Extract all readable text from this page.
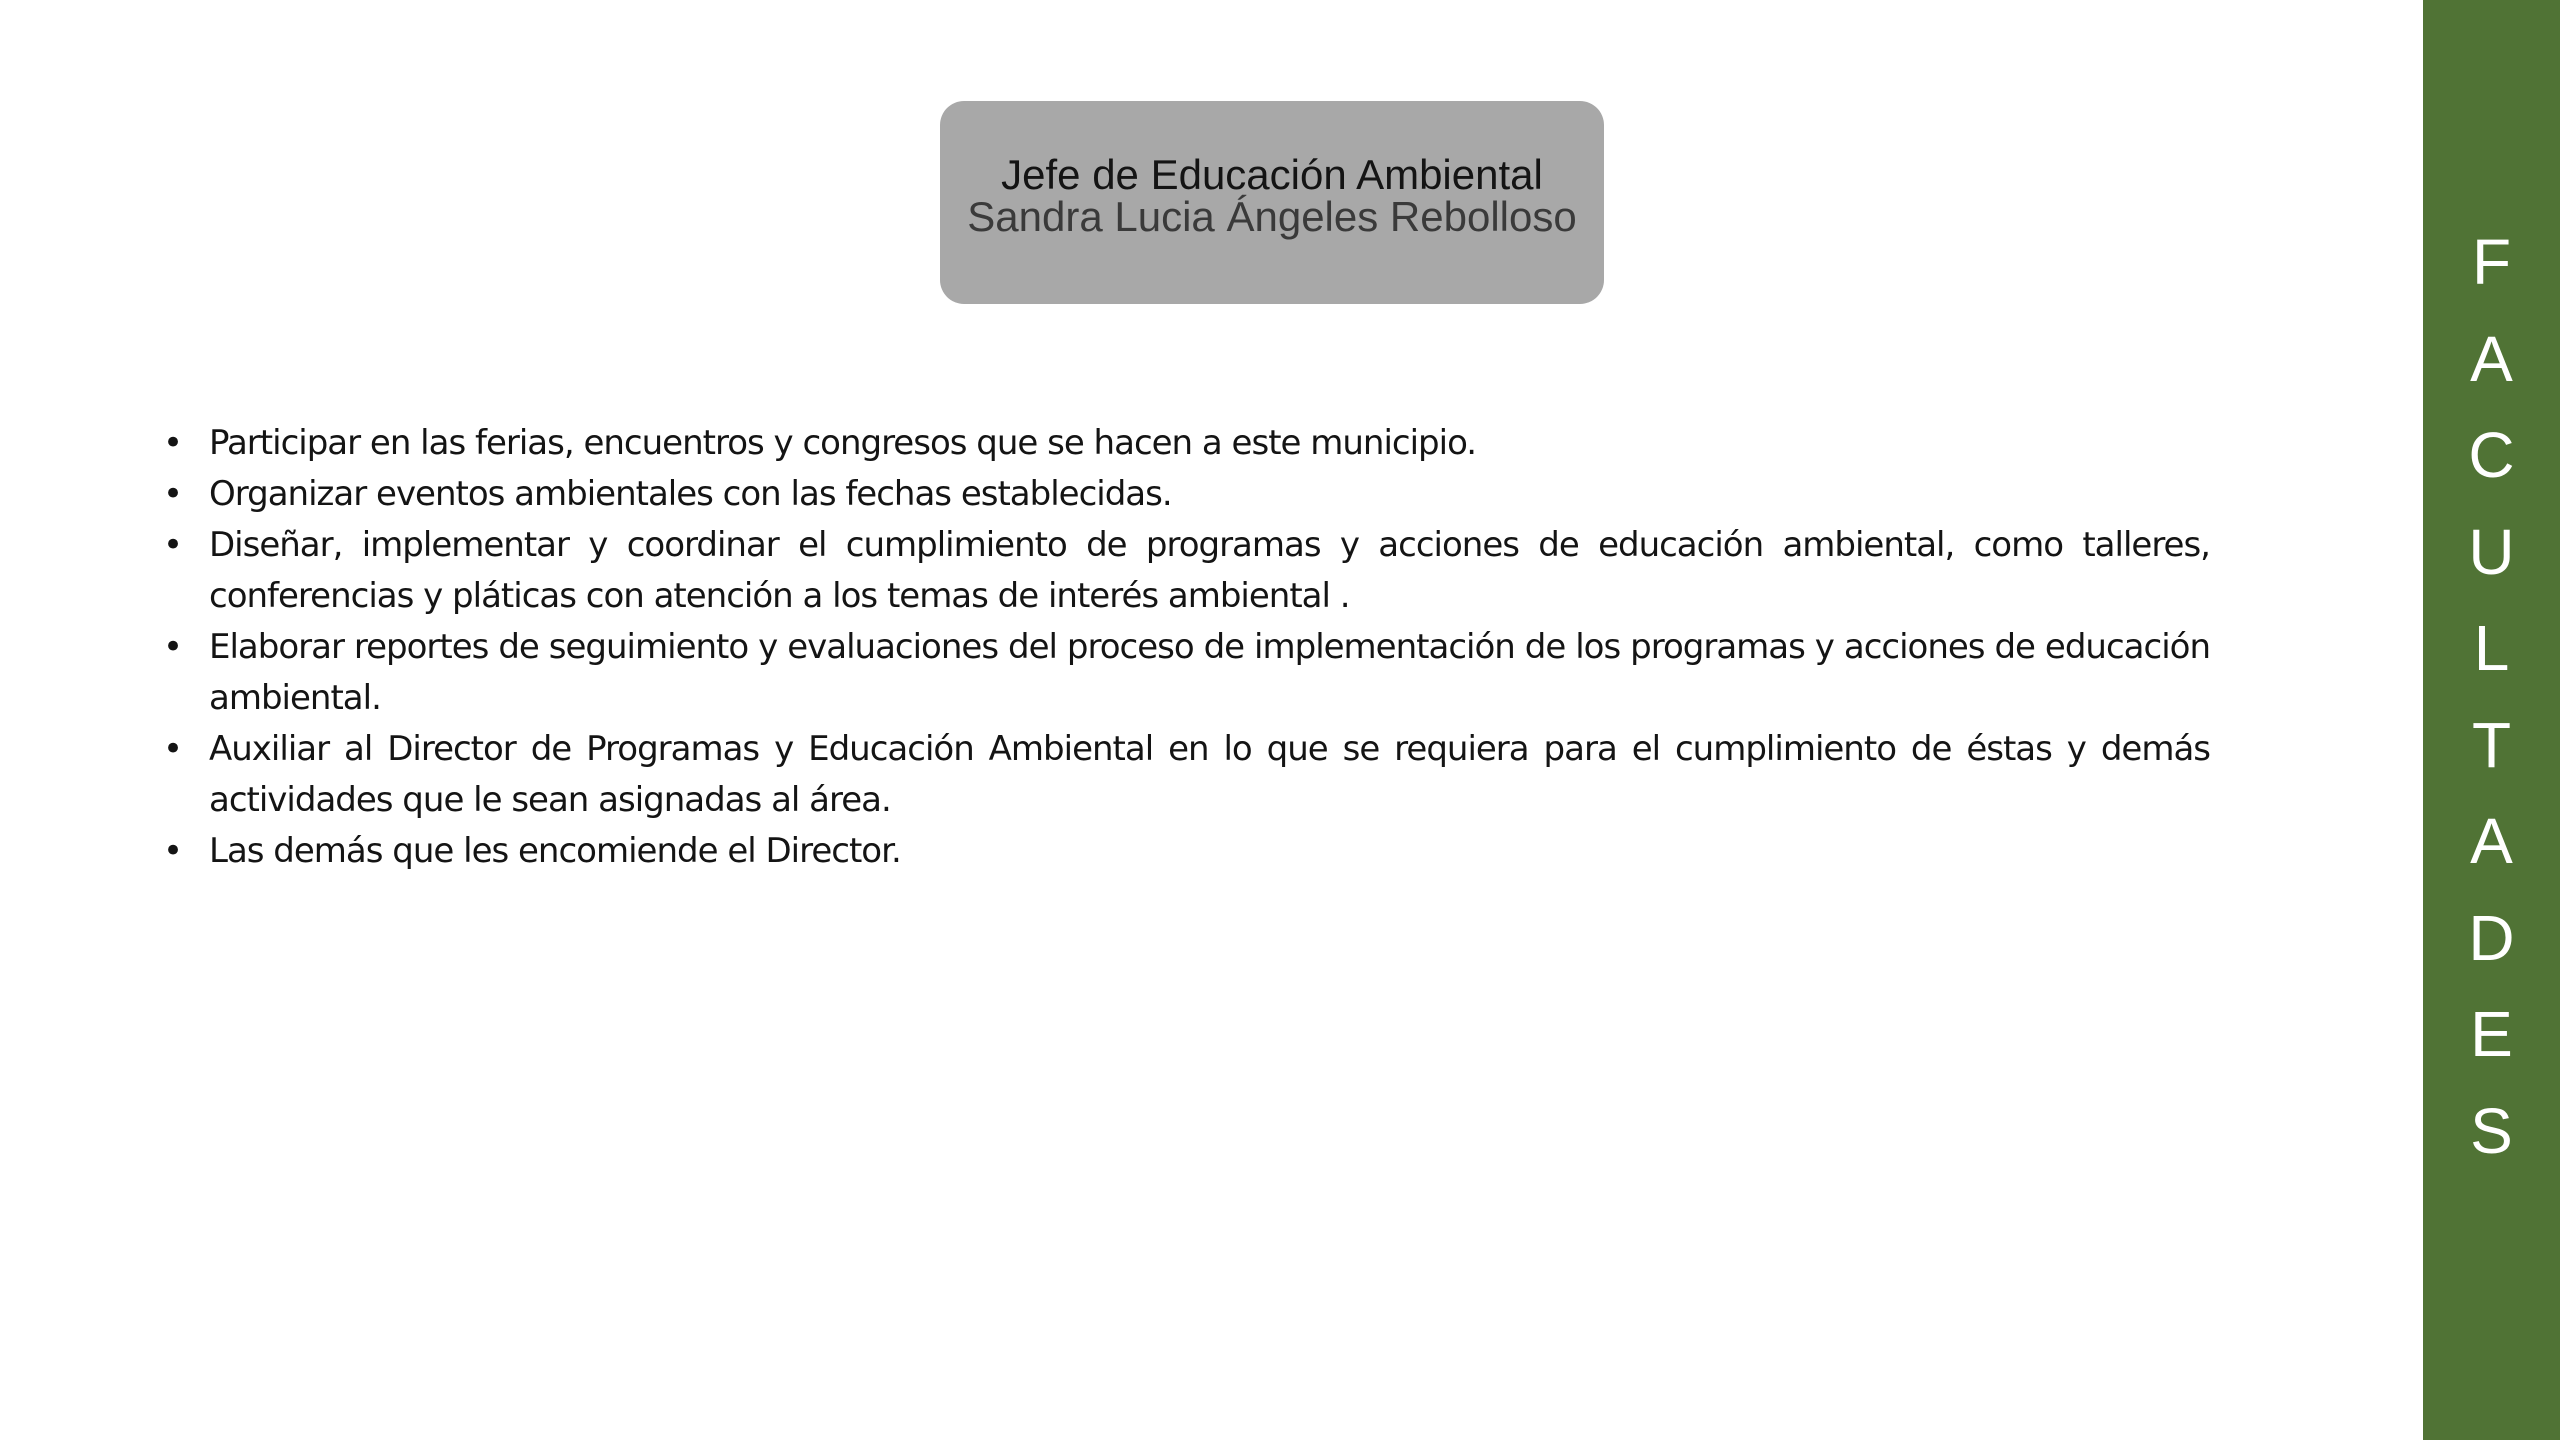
Jefe de Educación Ambiental
Sandra Lucia Ángeles Rebolloso
• Participar en las ferias, encuentros y congresos que se hacen a este municipio.
• Organizar eventos ambientales con las fechas establecidas.
• Diseñar, implementar y coordinar el cumplimiento de programas y acciones de educación ambiental, como talleres, conferencias y pláticas con atención a los temas de interés ambiental .
• Elaborar reportes de seguimiento y evaluaciones del proceso de implementación de los programas y acciones de educación ambiental.
• Auxiliar al Director de Programas y Educación Ambiental en lo que se requiera para el cumplimiento de éstas y demás actividades que le sean asignadas al área.
• Las demás que les encomiende el Director.
F
A
C
U
L
T
A
D
E
S
